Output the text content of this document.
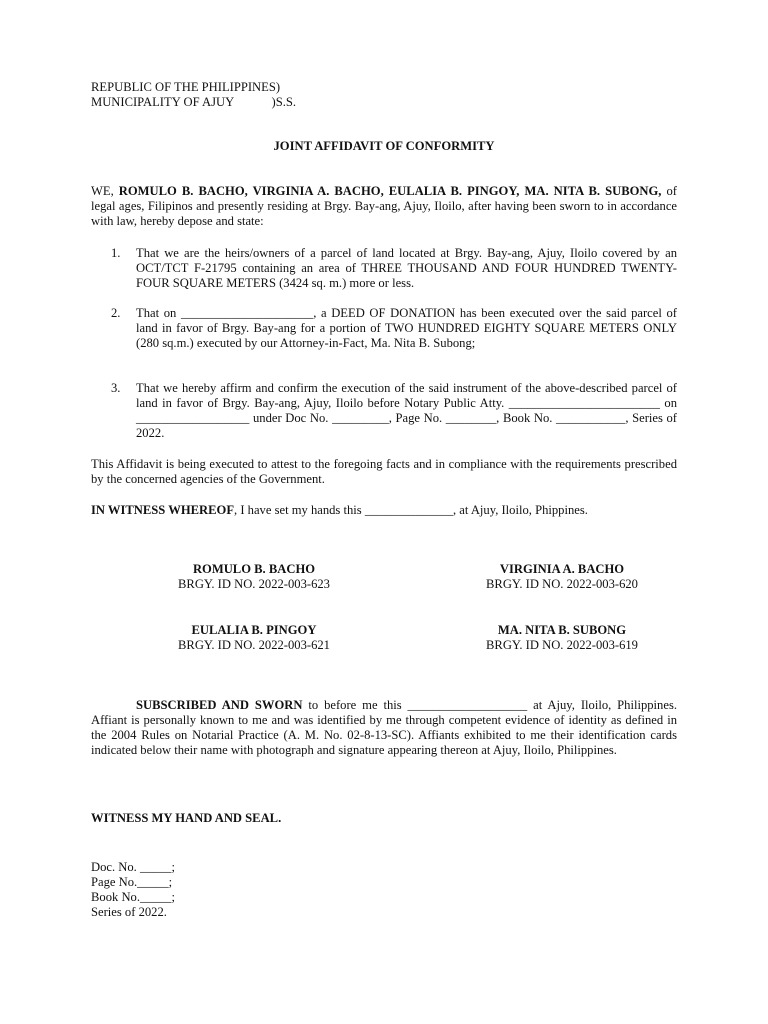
REPUBLIC OF THE PHILIPPINES)
MUNICIPALITY OF AJUY            )S.S.
JOINT AFFIDAVIT OF CONFORMITY
WE, ROMULO B. BACHO, VIRGINIA A. BACHO, EULALIA B. PINGOY, MA. NITA B. SUBONG, of legal ages, Filipinos and presently residing at Brgy. Bay-ang, Ajuy, Iloilo, after having been sworn to in accordance with law, hereby depose and state:
1. That we are the heirs/owners of a parcel of land located at Brgy. Bay-ang, Ajuy, Iloilo covered by an OCT/TCT F-21795 containing an area of THREE THOUSAND AND FOUR HUNDRED TWENTY-FOUR SQUARE METERS (3424 sq. m.) more or less.
2. That on _____________________, a DEED OF DONATION has been executed over the said parcel of land in favor of Brgy. Bay-ang for a portion of TWO HUNDRED EIGHTY SQUARE METERS ONLY (280 sq.m.) executed by our Attorney-in-Fact, Ma. Nita B. Subong;
3. That we hereby affirm and confirm the execution of the said instrument of the above-described parcel of land in favor of Brgy. Bay-ang, Ajuy, Iloilo before Notary Public Atty. ________________________ on __________________ under Doc No. _________, Page No. ________, Book No. ___________, Series of 2022.
This Affidavit is being executed to attest to the foregoing facts and in compliance with the requirements prescribed by the concerned agencies of the Government.
IN WITNESS WHEREOF, I have set my hands this ______________, at Ajuy, Iloilo, Phippines.
ROMULO B. BACHO
BRGY. ID NO. 2022-003-623
VIRGINIA A. BACHO
BRGY. ID NO. 2022-003-620
EULALIA B. PINGOY
BRGY. ID NO. 2022-003-621
MA. NITA B. SUBONG
BRGY. ID NO. 2022-003-619
SUBSCRIBED AND SWORN to before me this ___________________ at Ajuy, Iloilo, Philippines. Affiant is personally known to me and was identified by me through competent evidence of identity as defined in the 2004 Rules on Notarial Practice (A. M. No. 02-8-13-SC). Affiants exhibited to me their identification cards indicated below their name with photograph and signature appearing thereon at Ajuy, Iloilo, Philippines.
WITNESS MY HAND AND SEAL.
Doc. No. _____;
Page No._____;
Book No._____;
Series of 2022.
